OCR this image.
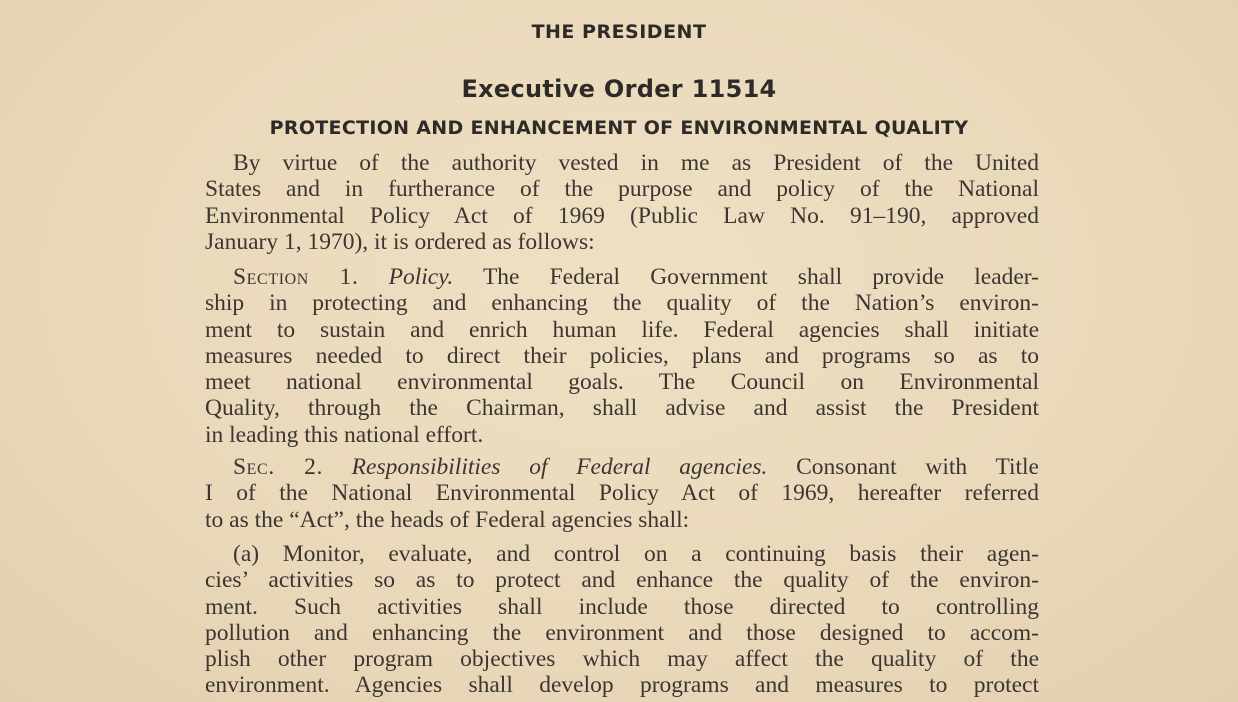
THE PRESIDENT

Executive Order 11514

PROTECTION AND ENHANCEMENT OF ENVIRONMENTAL QUALITY

By virtue of the authority vested in me as President of the United
States and in furtherance of the purpose and policy of the National
Environmental Policy Act of 1969 (Public Law No. 91–190, approved
January 1, 1970), it is ordered as follows:
Section 1. Policy. The Federal Government shall provide leader-
ship in protecting and enhancing the quality of the Nation’s environ-
ment to sustain and enrich human life. Federal agencies shall initiate
measures needed to direct their policies, plans and programs so as to
meet national environmental goals. The Council on Environmental
Quality, through the Chairman, shall advise and assist the President
in leading this national effort.
Sec. 2. Responsibilities of Federal agencies. Consonant with Title
I of the National Environmental Policy Act of 1969, hereafter referred
to as the “Act”, the heads of Federal agencies shall:
(a) Monitor, evaluate, and control on a continuing basis their agen-
cies’ activities so as to protect and enhance the quality of the environ-
ment. Such activities shall include those directed to controlling
pollution and enhancing the environment and those designed to accom-
plish other program objectives which may affect the quality of the
environment. Agencies shall develop programs and measures to protect
